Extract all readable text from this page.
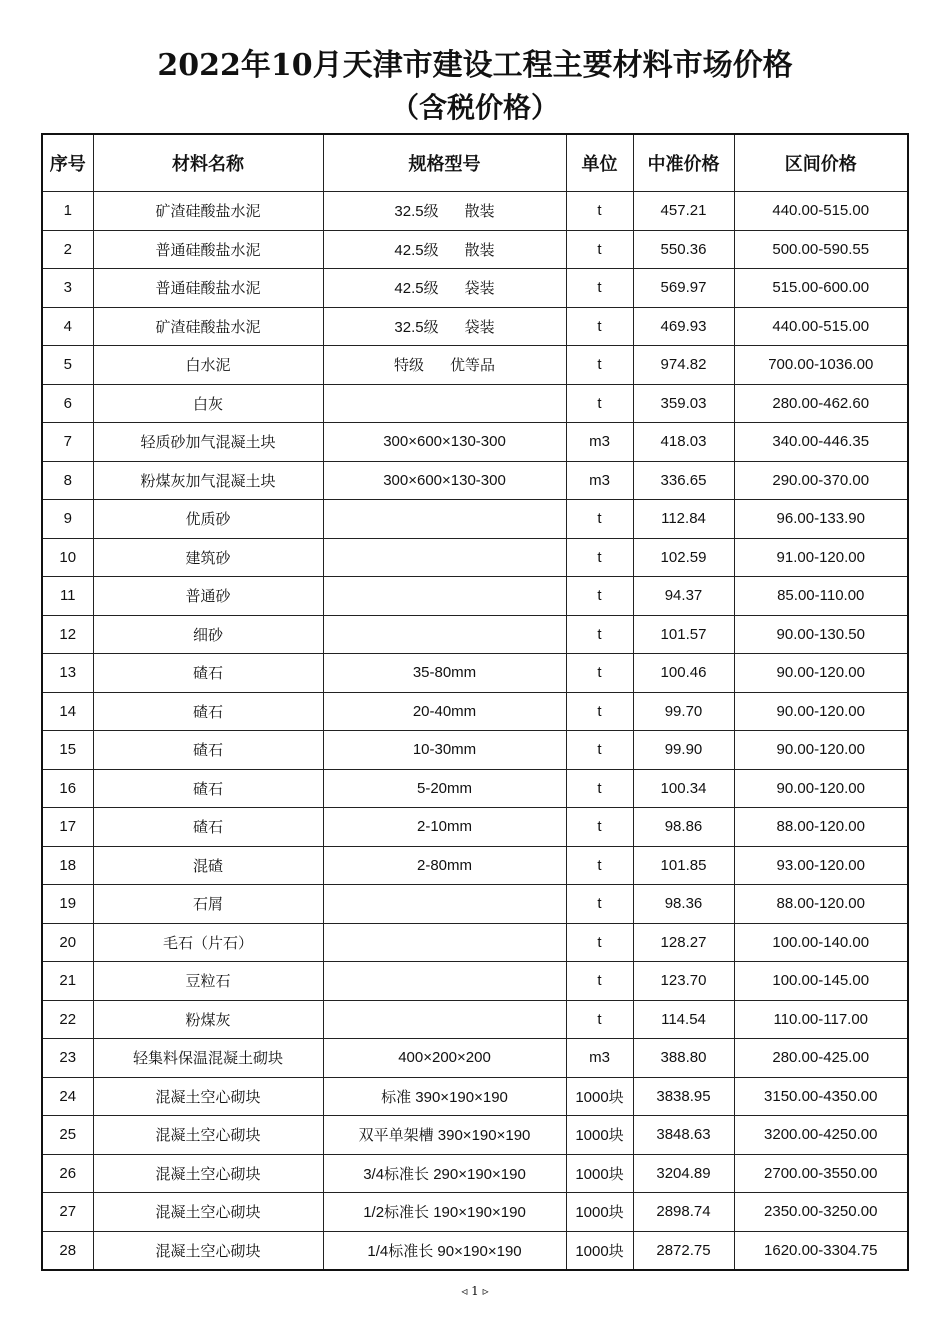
2022年10月天津市建设工程主要材料市场价格
（含税价格）
序号	材料名称	规格型号	单位	中准价格	区间价格
1	矿渣硅酸盐水泥	32.5级 散装	t	457.21	440.00-515.00
2	普通硅酸盐水泥	42.5级 散装	t	550.36	500.00-590.55
3	普通硅酸盐水泥	42.5级 袋装	t	569.97	515.00-600.00
4	矿渣硅酸盐水泥	32.5级 袋装	t	469.93	440.00-515.00
5	白水泥	特级 优等品	t	974.82	700.00-1036.00
6	白灰		t	359.03	280.00-462.60
7	轻质砂加气混凝土块	300×600×130-300	m3	418.03	340.00-446.35
8	粉煤灰加气混凝土块	300×600×130-300	m3	336.65	290.00-370.00
9	优质砂		t	112.84	96.00-133.90
10	建筑砂		t	102.59	91.00-120.00
11	普通砂		t	94.37	85.00-110.00
12	细砂		t	101.57	90.00-130.50
13	碴石	35-80mm	t	100.46	90.00-120.00
14	碴石	20-40mm	t	99.70	90.00-120.00
15	碴石	10-30mm	t	99.90	90.00-120.00
16	碴石	5-20mm	t	100.34	90.00-120.00
17	碴石	2-10mm	t	98.86	88.00-120.00
18	混碴	2-80mm	t	101.85	93.00-120.00
19	石屑		t	98.36	88.00-120.00
20	毛石（片石）		t	128.27	100.00-140.00
21	豆粒石		t	123.70	100.00-145.00
22	粉煤灰		t	114.54	110.00-117.00
23	轻集料保温混凝土砌块	400×200×200	m3	388.80	280.00-425.00
24	混凝土空心砌块	标准 390×190×190	1000块	3838.95	3150.00-4350.00
25	混凝土空心砌块	双平单架槽 390×190×190	1000块	3848.63	3200.00-4250.00
26	混凝土空心砌块	3/4标准长 290×190×190	1000块	3204.89	2700.00-3550.00
27	混凝土空心砌块	1/2标准长 190×190×190	1000块	2898.74	2350.00-3250.00
28	混凝土空心砌块	1/4标准长 90×190×190	1000块	2872.75	1620.00-3304.75
◃ 1 ▹
